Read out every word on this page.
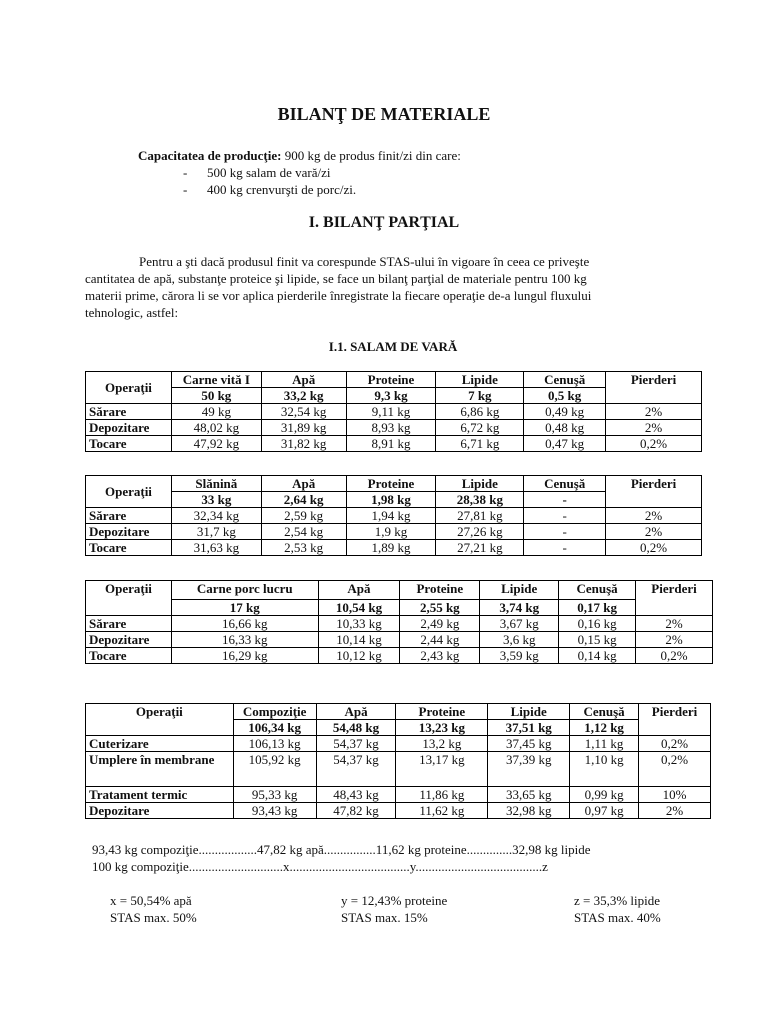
BILANŢ DE MATERIALE
Capacitatea de producţie: 900 kg de produs finit/zi din care:
- 500 kg salam de vară/zi
- 400 kg crenvurşti de porc/zi.
I. BILANŢ PARŢIAL
Pentru a şti dacă produsul finit va corespunde STAS-ului în vigoare în ceea ce priveşte
cantitatea de apă, substanţe proteice şi lipide, se face un bilanţ parţial de materiale pentru 100 kg
materii prime, cărora li se vor aplica pierderile înregistrate la fiecare operaţie de-a lungul fluxului
tehnologic, astfel:
I.1. SALAM DE VARĂ
Operaţii	Carne vită I	Apă	Proteine	Lipide	Cenuşă	Pierderi
	50 kg	33,2 kg	9,3 kg	7 kg	0,5 kg	
Sărare	49 kg	32,54 kg	9,11 kg	6,86 kg	0,49 kg	2%
Depozitare	48,02 kg	31,89 kg	8,93 kg	6,72 kg	0,48 kg	2%
Tocare	47,92 kg	31,82 kg	8,91 kg	6,71 kg	0,47 kg	0,2%
Operaţii	Slănină	Apă	Proteine	Lipide	Cenuşă	Pierderi
	33 kg	2,64 kg	1,98 kg	28,38 kg	-	
Sărare	32,34 kg	2,59 kg	1,94 kg	27,81 kg	-	2%
Depozitare	31,7 kg	2,54 kg	1,9 kg	27,26 kg	-	2%
Tocare	31,63 kg	2,53 kg	1,89 kg	27,21 kg	-	0,2%
Operaţii	Carne porc lucru	Apă	Proteine	Lipide	Cenuşă	Pierderi
	17 kg	10,54 kg	2,55 kg	3,74 kg	0,17 kg	
Sărare	16,66 kg	10,33 kg	2,49 kg	3,67 kg	0,16 kg	2%
Depozitare	16,33 kg	10,14 kg	2,44 kg	3,6 kg	0,15 kg	2%
Tocare	16,29 kg	10,12 kg	2,43 kg	3,59 kg	0,14 kg	0,2%
Operaţii	Compoziţie	Apă	Proteine	Lipide	Cenuşă	Pierderi
	106,34 kg	54,48 kg	13,23 kg	37,51 kg	1,12 kg	
Cuterizare	106,13 kg	54,37 kg	13,2 kg	37,45 kg	1,11 kg	0,2%
Umplere în membrane	105,92 kg	54,37 kg	13,17 kg	37,39 kg	1,10 kg	0,2%
Tratament termic	95,33 kg	48,43 kg	11,86 kg	33,65 kg	0,99 kg	10%
Depozitare	93,43 kg	47,82 kg	11,62 kg	32,98 kg	0,97 kg	2%
93,43 kg compoziţie..................47,82 kg apă................11,62 kg proteine..............32,98 kg lipide
100 kg compoziţie.............................x.....................................y.......................................z
x = 50,54% apă
STAS max. 50%
y = 12,43% proteine
STAS max. 15%
z = 35,3% lipide
STAS max. 40%
